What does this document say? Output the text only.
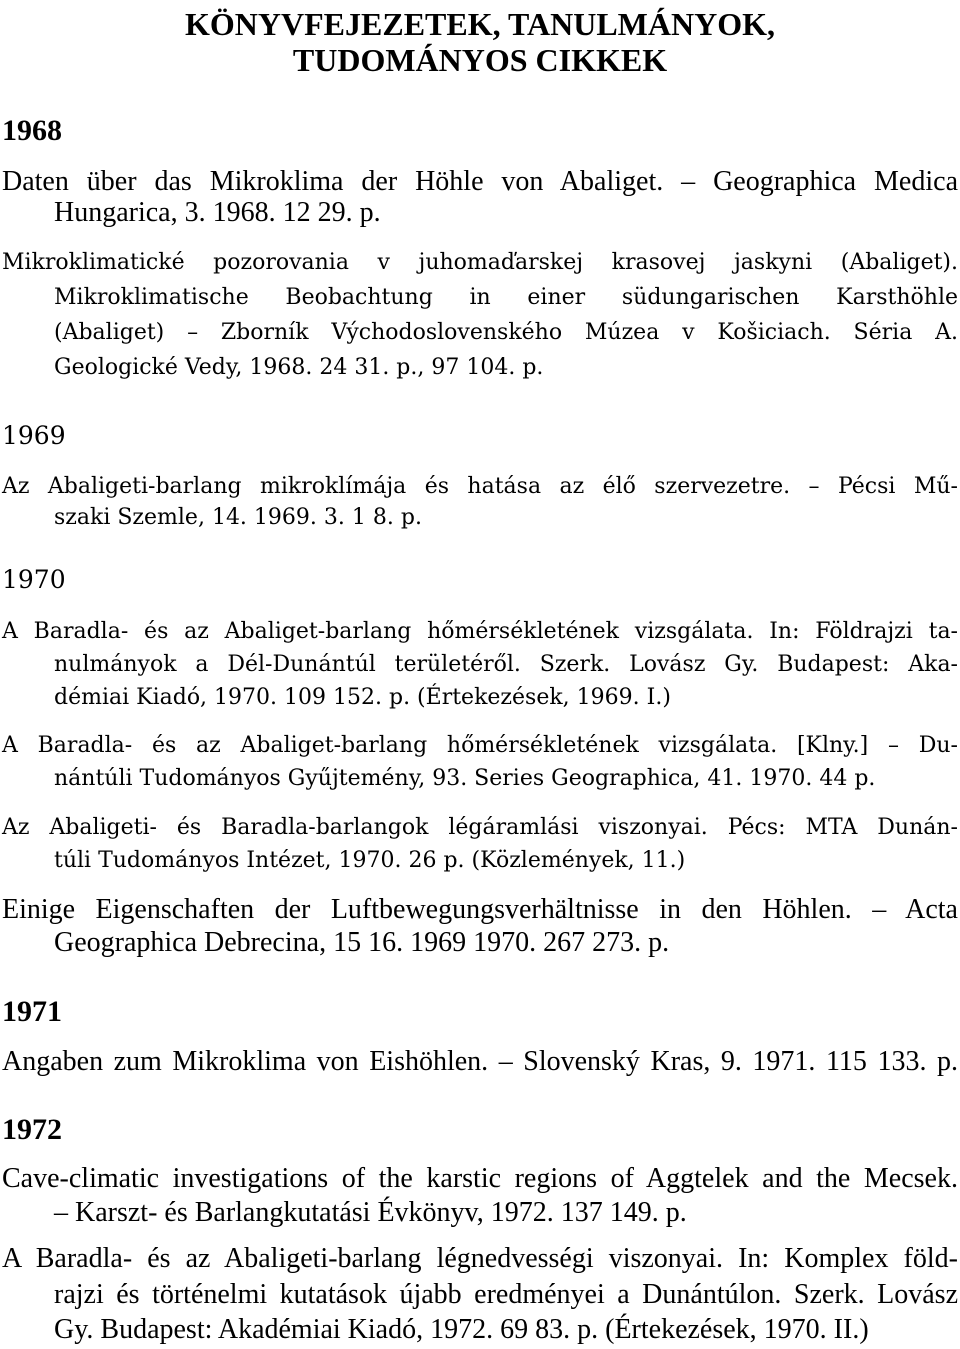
KÖNYVFEJEZETEK, TANULMÁNYOK,
TUDOMÁNYOS CIKKEK
1968
Daten über das Mikroklima der Höhle von Abaliget. – Geographica Medica
Hungarica, 3. 1968. 12 29. p.
Mikroklimatické pozorovania v juhomaďarskej krasovej jaskyni (Abaliget).
Mikroklimatische Beobachtung in einer südungarischen Karsthöhle
(Abaliget) – Zborník Východoslovenského Múzea v Košiciach. Séria A.
Geologické Vedy, 1968. 24 31. p., 97 104. p.
1969
Az Abaligeti-barlang mikroklímája és hatása az élő szervezetre. – Pécsi Mű-
szaki Szemle, 14. 1969. 3. 1 8. p.
1970
A Baradla- és az Abaliget-barlang hőmérsékletének vizsgálata. In: Földrajzi ta-
nulmányok a Dél-Dunántúl területéről. Szerk. Lovász Gy. Budapest: Aka-
démiai Kiadó, 1970. 109 152. p. (Értekezések, 1969. I.)
A Baradla- és az Abaliget-barlang hőmérsékletének vizsgálata. [Klny.] – Du-
nántúli Tudományos Gyűjtemény, 93. Series Geographica, 41. 1970. 44 p.
Az Abaligeti- és Baradla-barlangok légáramlási viszonyai. Pécs: MTA Dunán-
túli Tudományos Intézet, 1970. 26 p. (Közlemények, 11.)
Einige Eigenschaften der Luftbewegungsverhältnisse in den Höhlen. – Acta
Geographica Debrecina, 15 16. 1969 1970. 267 273. p.
1971
Angaben zum Mikroklima von Eishöhlen. – Slovenský Kras, 9. 1971. 115 133. p.
1972
Cave-climatic investigations of the karstic regions of Aggtelek and the Mecsek.
– Karszt- és Barlangkutatási Évkönyv, 1972. 137 149. p.
A Baradla- és az Abaligeti-barlang légnedvességi viszonyai. In: Komplex föld-
rajzi és történelmi kutatások újabb eredményei a Dunántúlon. Szerk. Lovász
Gy. Budapest: Akadémiai Kiadó, 1972. 69 83. p. (Értekezések, 1970. II.)
